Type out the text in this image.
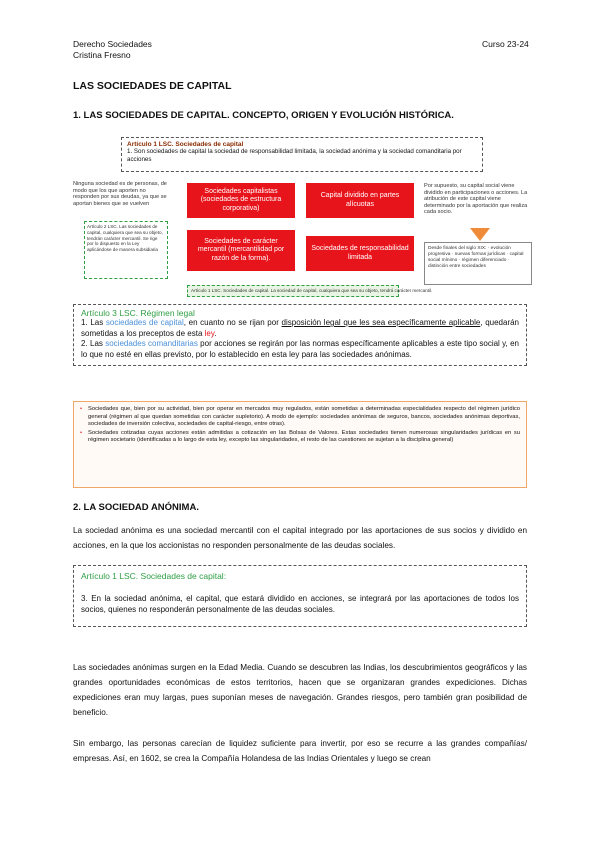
Derecho Sociedades
Cristina Fresno
Curso 23-24
LAS SOCIEDADES DE CAPITAL
1. LAS SOCIEDADES DE CAPITAL. CONCEPTO, ORIGEN Y EVOLUCIÓN HISTÓRICA.
Artículo 1 LSC. Sociedades de capital
1. Son sociedades de capital la sociedad de responsabilidad limitada, la sociedad anónima y la sociedad comanditaria por acciones
Ninguna sociedad es de personas, de modo que los que aporten no responden por sus deudas, ya que se aportan bienes que se vuelven
Por supuesto, su capital social viene dividido en participaciones o acciones. La atribución de este capital viene determinado por la aportación que realiza cada socio.
Sociedades capitalistas (sociedades de estructura corporativa)
Capital dividido en partes alícuotas
Sociedades de carácter mercantil (mercantilidad por razón de la forma).
Sociedades de responsabilidad limitada
Artículo 2 LSC. Las sociedades de capital, cualquiera que sea su objeto, tendrán carácter mercantil. Se rige por lo dispuesto en la Ley aplicándose de manera subsidiaria	Desde finales del siglo XIX: · evolución progresiva · nuevas formas jurídicas · capital social mínimo · régimen diferenciado · distinción entre sociedades
Artículo 1 LSC. Sociedades de capital. La sociedad de capital, cualquiera que sea su objeto, tendrá carácter mercantil.
Artículo 3 LSC. Régimen legal
1. Las sociedades de capital, en cuanto no se rijan por disposición legal que les sea específicamente aplicable, quedarán sometidas a los preceptos de esta ley.
2. Las sociedades comanditarias por acciones se regirán por las normas específicamente aplicables a este tipo social y, en lo que no esté en ellas previsto, por lo establecido en esta ley para las sociedades anónimas.
• Sociedades que, bien por su actividad, bien por operar en mercados muy regulados, están sometidas a determinadas especialidades respecto del régimen jurídico general (régimen al que quedan sometidas con carácter supletorio). A modo de ejemplo: sociedades anónimas de seguros, bancos, sociedades anónimas deportivas, sociedades de inversión colectiva, sociedades de capital-riesgo, entre otras).
• Sociedades cotizadas cuyas acciones están admitidas a cotización en las Bolsas de Valores. Estas sociedades tienen numerosas singularidades jurídicas en su régimen societario (identificadas a lo largo de esta ley, excepto las singularidades, el resto de las cuestiones se sujetan a la disciplina general)
2. LA SOCIEDAD ANÓNIMA.
La sociedad anónima es una sociedad mercantil con el capital integrado por las aportaciones de sus socios y dividido en acciones, en la que los accionistas no responden personalmente de las deudas sociales.
Artículo 1 LSC. Sociedades de capital:
3. En la sociedad anónima, el capital, que estará dividido en acciones, se integrará por las aportaciones de todos los socios, quienes no responderán personalmente de las deudas sociales.
Las sociedades anónimas surgen en la Edad Media. Cuando se descubren las Indias, los descubrimientos geográficos y las grandes oportunidades económicas de estos territorios, hacen que se organizaran grandes expediciones. Dichas expediciones eran muy largas, pues suponían meses de navegación. Grandes riesgos, pero también gran posibilidad de beneficio.
Sin embargo, las personas carecían de liquidez suficiente para invertir, por eso se recurre a las grandes compañías/ empresas. Así, en 1602, se crea la Compañía Holandesa de las Indias Orientales y luego se crean
